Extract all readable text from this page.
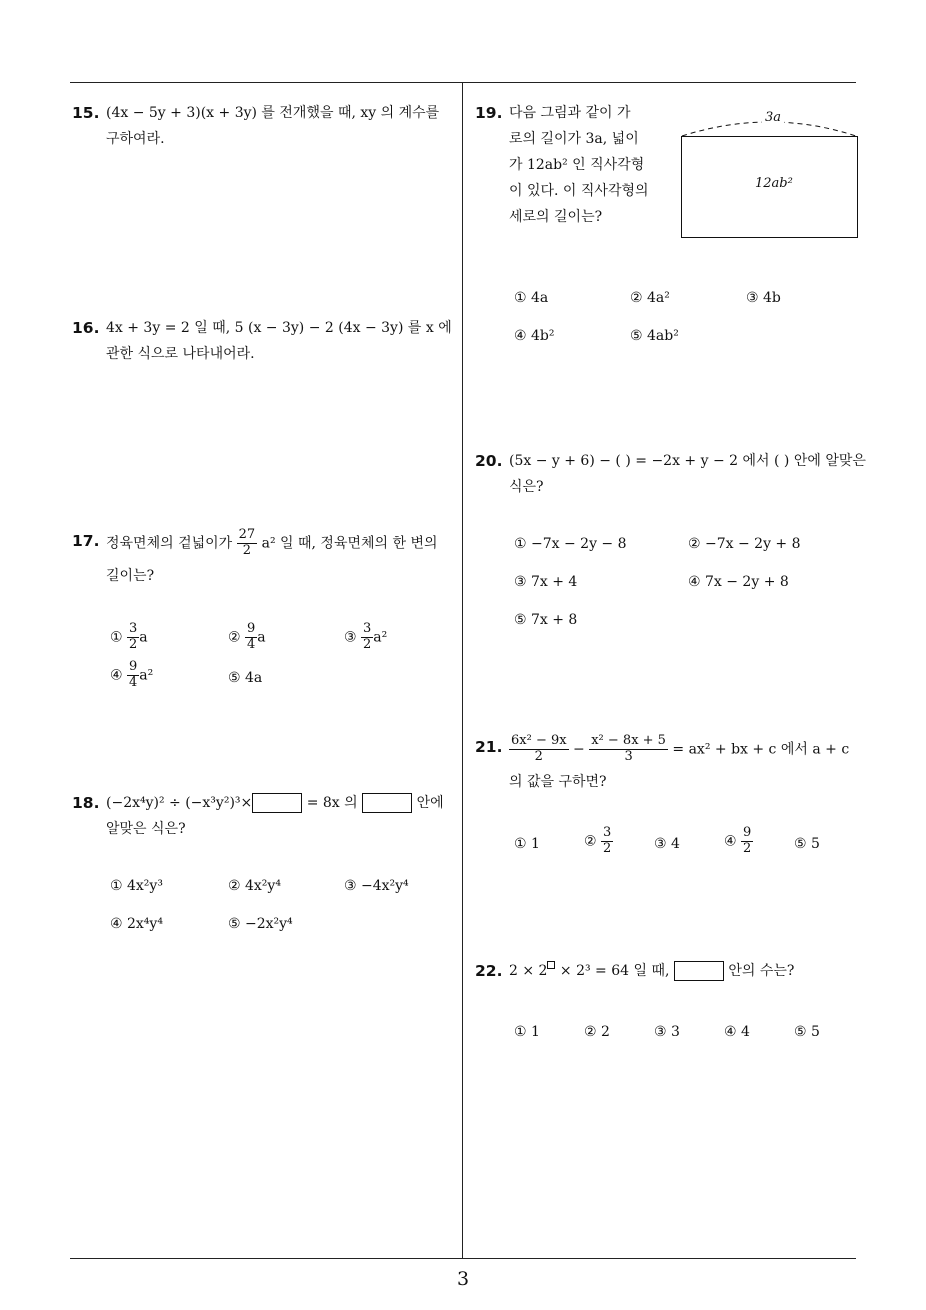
15. (4x − 5y + 3)(x + 3y) 를 전개했을 때, xy 의 계수를
구하여라.
16. 4x + 3y = 2 일 때, 5 (x − 3y) − 2 (4x − 3y) 를 x 에
관한 식으로 나타내어라.
17. 정육면체의 겉넓이가 $\frac{27}{2} a^2$ 일 때, 정육면체의 한 변의
길이는?
① $\frac{3}{2}$ a	② $\frac{9}{4}$ a	③ $\frac{3}{2} a^2$
④ $\frac{9}{4} a^2$	⑤ 4a
18. (−2x⁴y)² ÷ (−x³y²)³×	= 8x 의	안에
알맞은 식은?
① 4x²y³	② 4x²y⁴	③ −4x²y⁴
④ 2x⁴y⁴	⑤ −2x²y⁴
19. 다음 그림과 같이 가
로의 길이가 3a, 넓이
가 12ab² 인 직사각형
이 있다. 이 직사각형의
세로의 길이는?
3a
12ab²
① 4a	② 4a²	③ 4b
④ 4b²	⑤ 4ab²
20. (5x − y + 6) − ( ) = −2x + y − 2 에서 ( ) 안에 알맞은
식은?
① −7x − 2y − 8	② −7x − 2y + 8
③ 7x + 4	④ 7x − 2y + 8
⑤ 7x + 8
21. $\frac{\text{6x² − 9x}}{2} - \frac{\text{x² − 8x + 5}}{3} = ax^2$ + bx + c 에서 a + c
의 값을 구하면?
① 1	② $\frac{3}{2}$	③ 4	④ $\frac{9}{2}$	⑤ 5
22. 2 × 2 × 2³ = 64 일 때,	안의 수는?
① 1	② 2	③ 3	④ 4	⑤ 5
3
